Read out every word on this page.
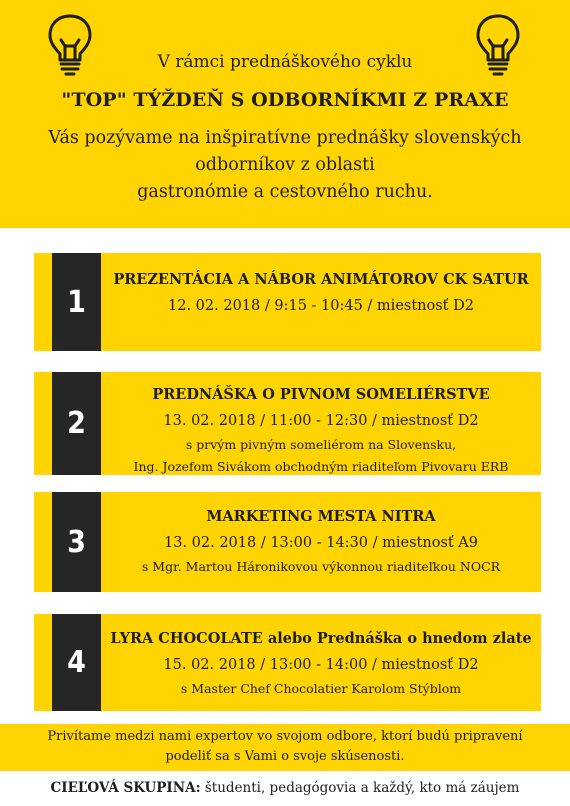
V rámci prednáškového cyklu
"TOP" TÝŽDEŇ S ODBORNÍKMI Z PRAXE
Vás pozývame na inšpiratívne prednášky slovenských
odborníkov z oblasti
gastronómie a cestovného ruchu.
1
PREZENTÁCIA A NÁBOR ANIMÁTOROV CK SATUR
12. 02. 2018 / 9:15 - 10:45 / miestnosť D2
2
PREDNÁŠKA O PIVNOM SOMELIÉRSTVE
13. 02. 2018 / 11:00 - 12:30 / miestnosť D2
s prvým pivným someliérom na Slovensku,
Ing. Jozefom Sivákom obchodným riaditeľom Pivovaru ERB
3
MARKETING MESTA NITRA
13. 02. 2018 / 13:00 - 14:30 / miestnosť A9
s Mgr. Martou Háronikovou výkonnou riaditeľkou NOCR
4
LYRA CHOCOLATE alebo Prednáška o hnedom zlate
15. 02. 2018 / 13:00 - 14:00 / miestnosť D2
s Master Chef Chocolatier Karolom Stýblom
Privítame medzi nami expertov vo svojom odbore, ktorí budú pripravení
podeliť sa s Vami o svoje skúsenosti.
CIEĽOVÁ SKUPINA: študenti, pedagógovia a každý, kto má záujem
